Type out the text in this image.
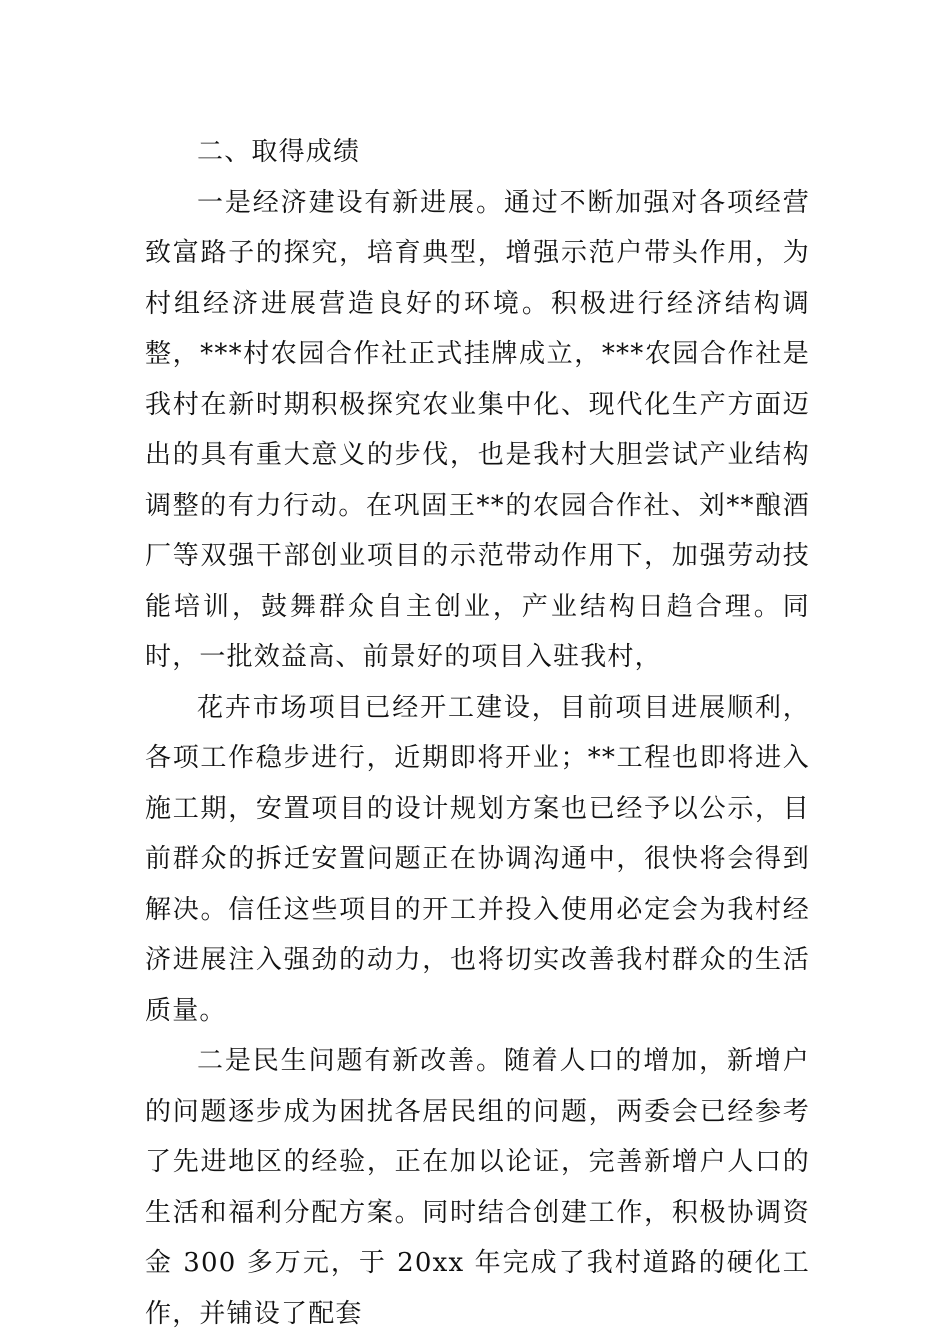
二、取得成绩

一是经济建设有新进展。通过不断加强对各项经营致富路子的探究，培育典型，增强示范户带头作用，为村组经济进展营造良好的环境。积极进行经济结构调整，***村农园合作社正式挂牌成立，***农园合作社是我村在新时期积极探究农业集中化、现代化生产方面迈出的具有重大意义的步伐，也是我村大胆尝试产业结构调整的有力行动。在巩固王**的农园合作社、刘**酿酒厂等双强干部创业项目的示范带动作用下，加强劳动技能培训，鼓舞群众自主创业，产业结构日趋合理。同时，一批效益高、前景好的项目入驻我村，

花卉市场项目已经开工建设，目前项目进展顺利，各项工作稳步进行，近期即将开业；**工程也即将进入施工期，安置项目的设计规划方案也已经予以公示，目前群众的拆迁安置问题正在协调沟通中，很快将会得到解决。信任这些项目的开工并投入使用必定会为我村经济进展注入强劲的动力，也将切实改善我村群众的生活质量。

二是民生问题有新改善。随着人口的增加，新增户的问题逐步成为困扰各居民组的问题，两委会已经参考了先进地区的经验，正在加以论证，完善新增户人口的生活和福利分配方案。同时结合创建工作，积极协调资金 300 多万元，于 20xx 年完成了我村道路的硬化工作，并铺设了配套
